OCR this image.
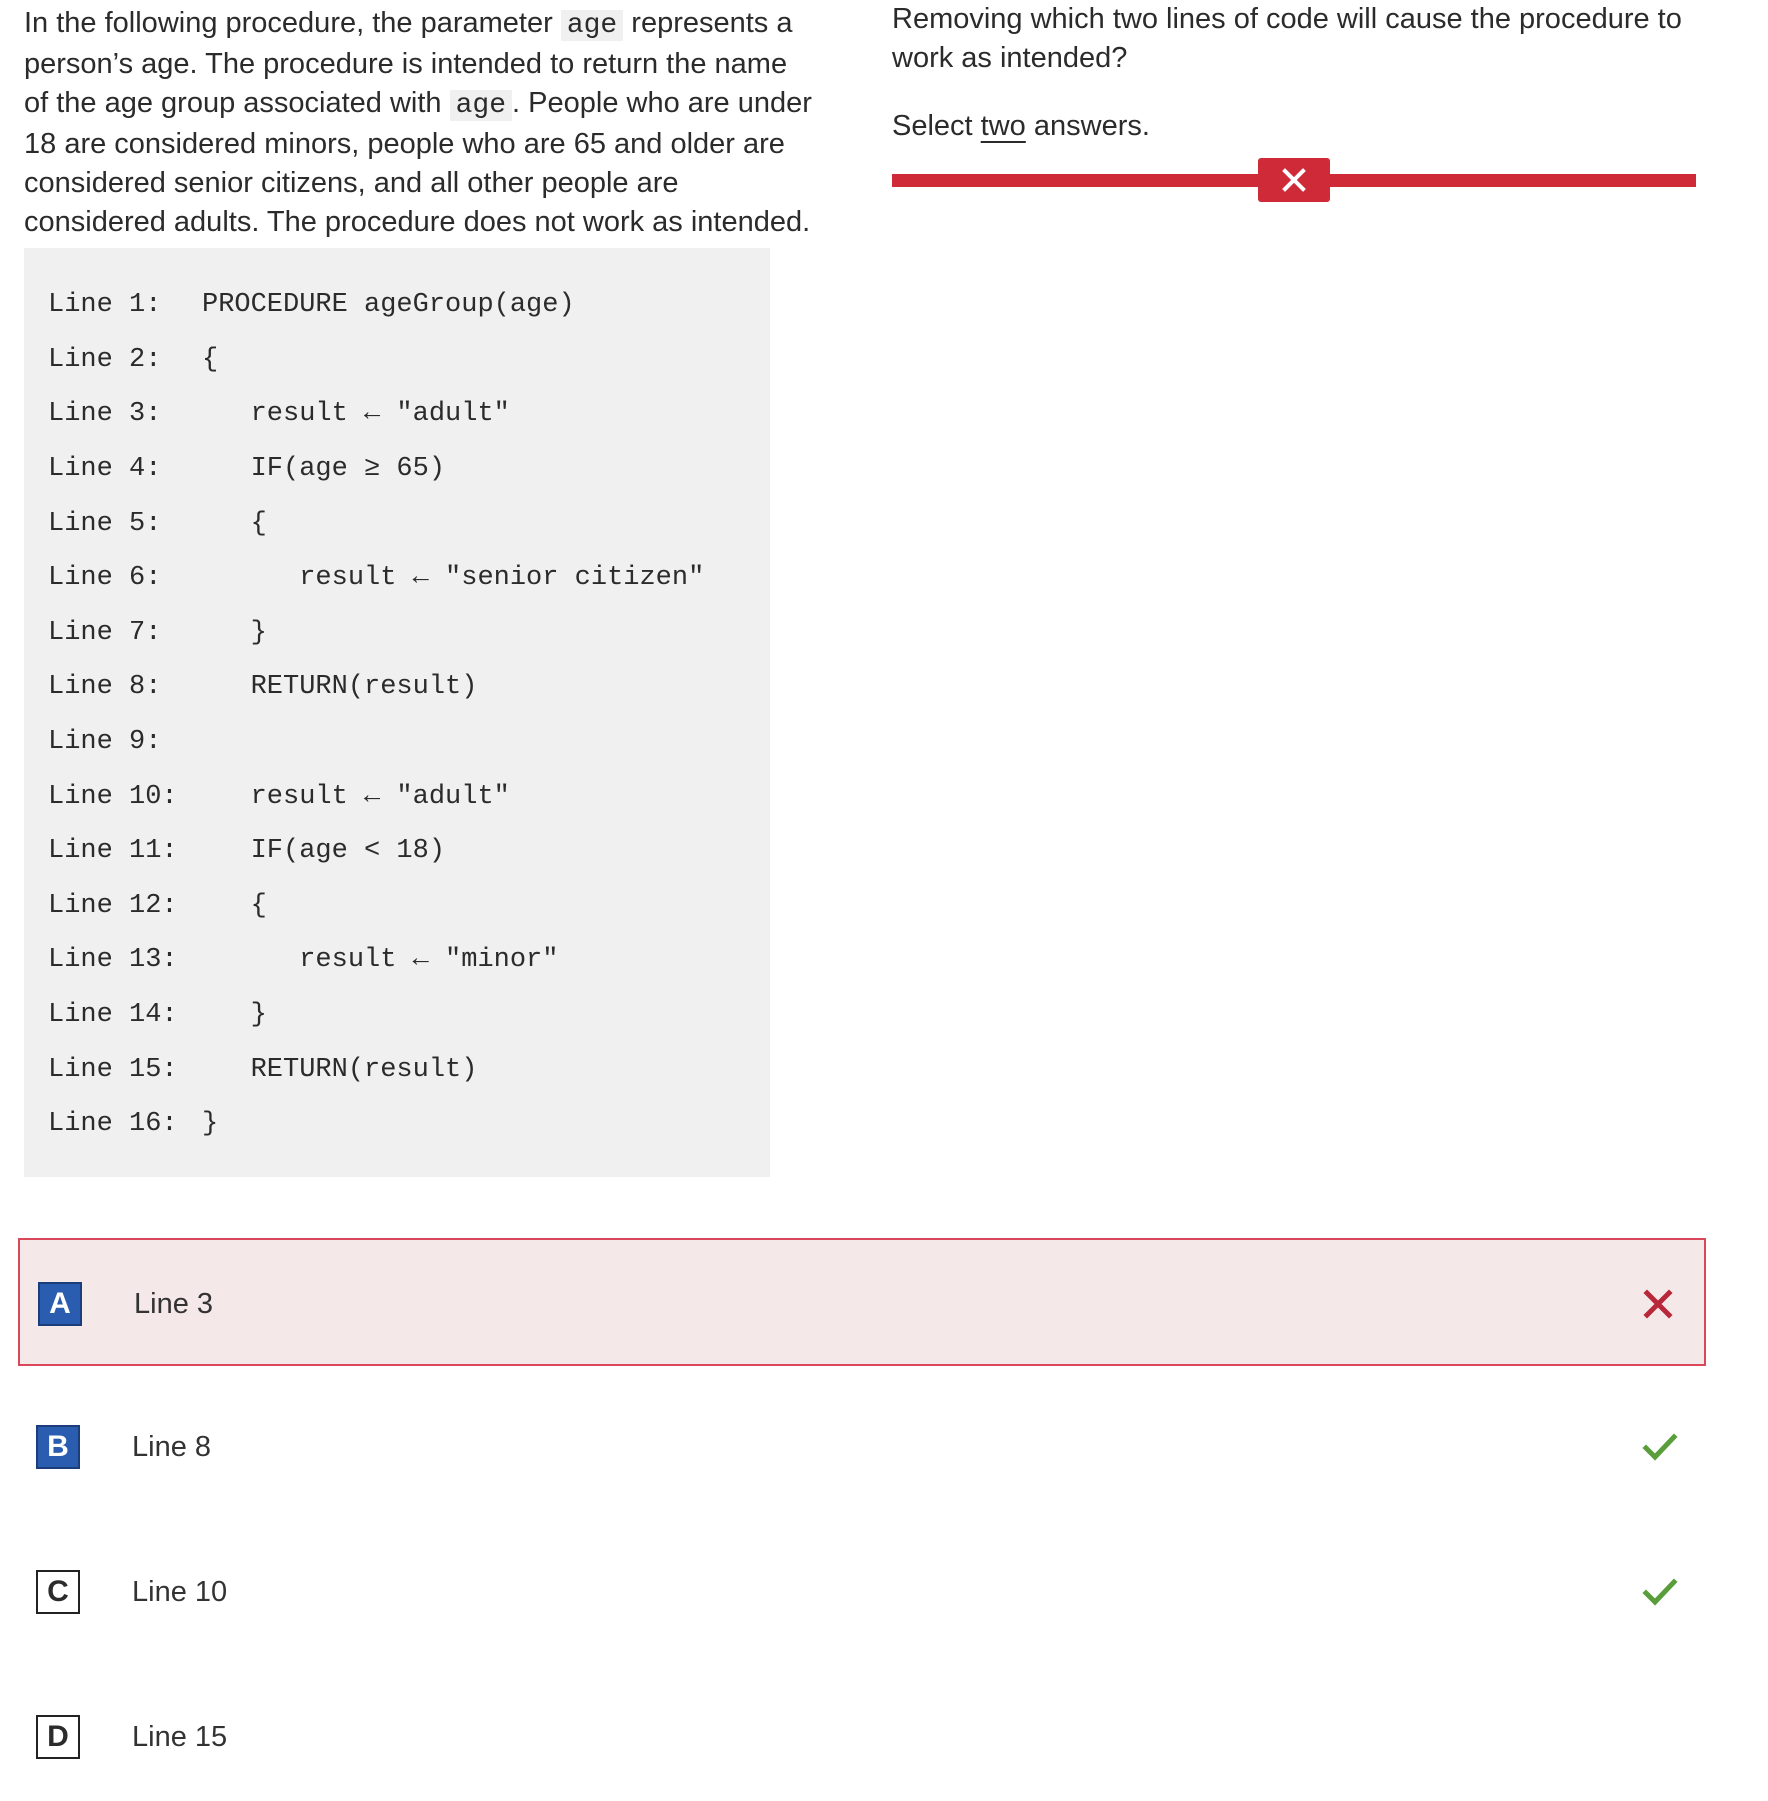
In the following procedure, the parameter age represents a person’s age. The procedure is intended to return the name of the age group associated with age . People who are under 18 are considered minors, people who are 65 and older are considered senior citizens, and all other people are considered adults. The procedure does not work as intended.
Line 1:	PROCEDURE ageGroup(age)
Line 2:	{
Line 3:	result ← "adult"
Line 4:	IF(age ≥ 65)
Line 5:	{
Line 6:	result ← "senior citizen"
Line 7:	}
Line 8:	RETURN(result)
Line 9:
Line 10: result ← "adult"
Line 11: IF(age < 18)
Line 12: {
Line 13: result ← "minor"
Line 14: }
Line 15: RETURN(result)
Line 16: }
Removing which two lines of code will cause the procedure to work as intended?
Select two answers.
A	Line 3
B	Line 8
C	Line 10
D	Line 15
